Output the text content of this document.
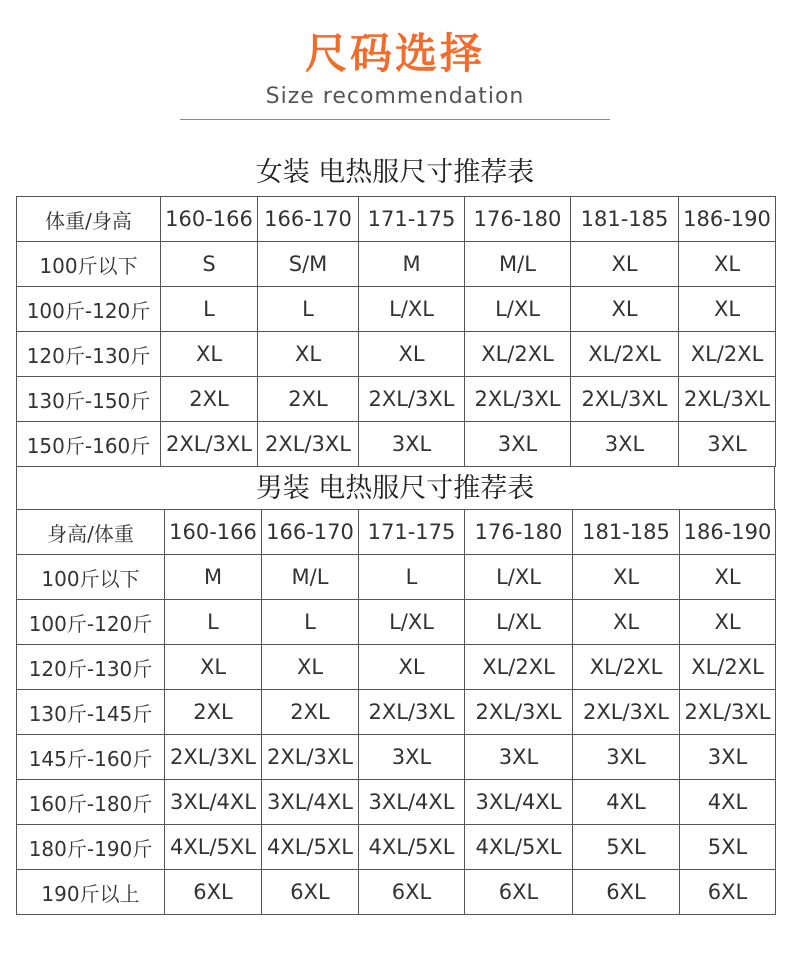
尺码选择
Size recommendation
女装 电热服尺寸推荐表
体重/身高	160-166	166-170	171-175	176-180	181-185	186-190
100斤以下	S	S/M	M	M/L	XL	XL
100斤-120斤	L	L	L/XL	L/XL	XL	XL
120斤-130斤	XL	XL	XL	XL/2XL	XL/2XL	XL/2XL
130斤-150斤	2XL	2XL	2XL/3XL	2XL/3XL	2XL/3XL	2XL/3XL
150斤-160斤	2XL/3XL	2XL/3XL	3XL	3XL	3XL	3XL
男装 电热服尺寸推荐表
身高/体重	160-166	166-170	171-175	176-180	181-185	186-190
100斤以下	M	M/L	L	L/XL	XL	XL
100斤-120斤	L	L	L/XL	L/XL	XL	XL
120斤-130斤	XL	XL	XL	XL/2XL	XL/2XL	XL/2XL
130斤-145斤	2XL	2XL	2XL/3XL	2XL/3XL	2XL/3XL	2XL/3XL
145斤-160斤	2XL/3XL	2XL/3XL	3XL	3XL	3XL	3XL
160斤-180斤	3XL/4XL	3XL/4XL	3XL/4XL	3XL/4XL	4XL	4XL
180斤-190斤	4XL/5XL	4XL/5XL	4XL/5XL	4XL/5XL	5XL	5XL
190斤以上	6XL	6XL	6XL	6XL	6XL	6XL
